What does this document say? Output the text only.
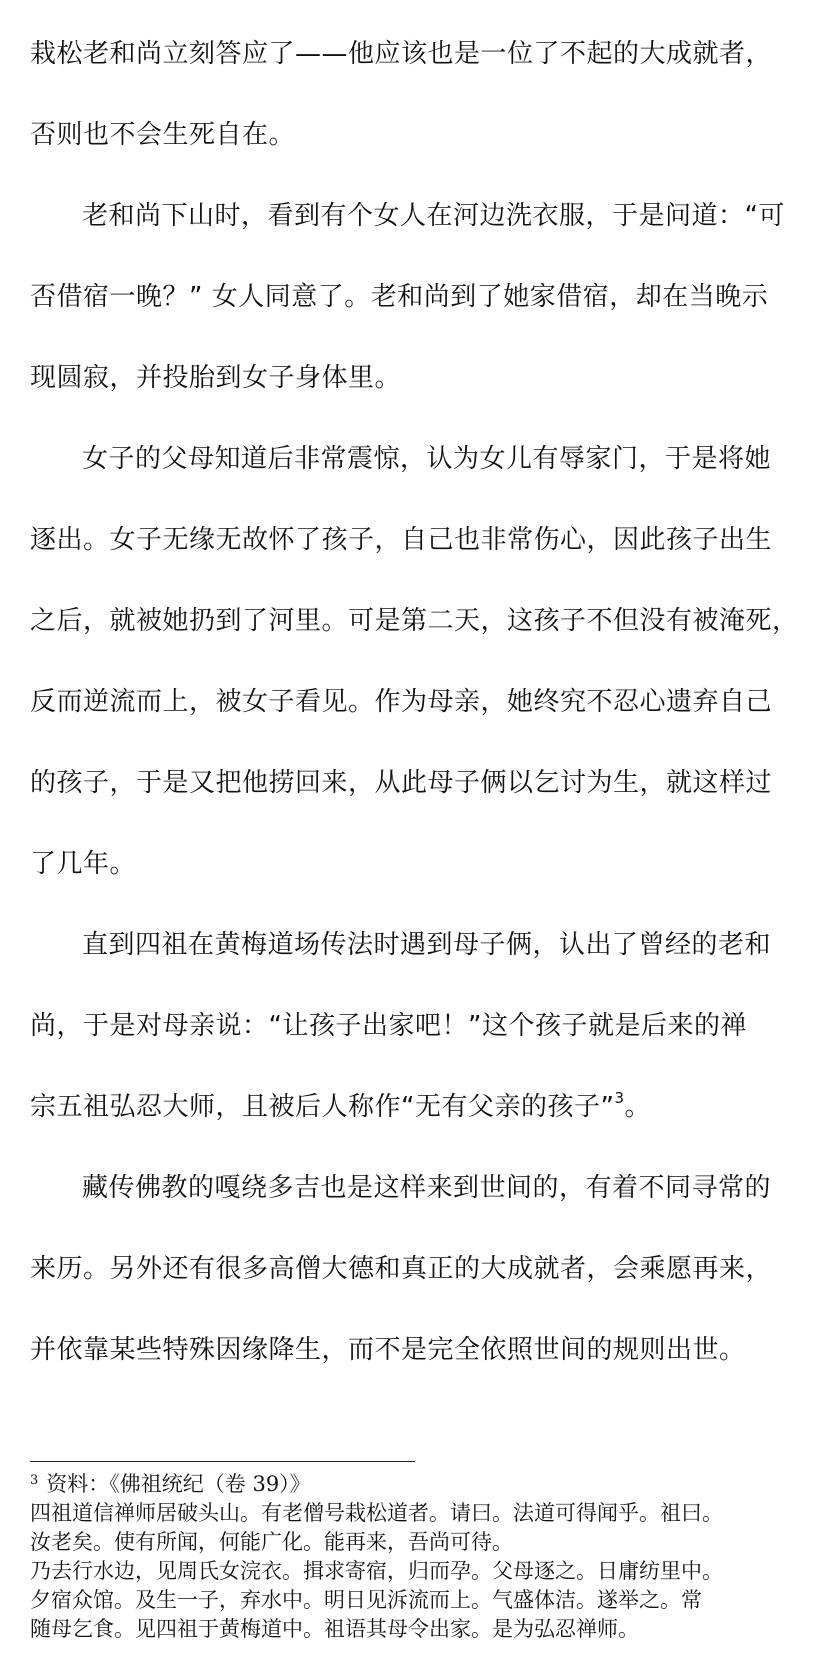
栽松老和尚立刻答应了——他应该也是一位了不起的大成就者，
否则也不会生死自在。
老和尚下山时，看到有个女人在河边洗衣服，于是问道：“可
否借宿一晚？” 女人同意了。老和尚到了她家借宿，却在当晚示
现圆寂，并投胎到女子身体里。
女子的父母知道后非常震惊，认为女儿有辱家门，于是将她
逐出。女子无缘无故怀了孩子，自己也非常伤心，因此孩子出生
之后，就被她扔到了河里。可是第二天，这孩子不但没有被淹死，
反而逆流而上，被女子看见。作为母亲，她终究不忍心遗弃自己
的孩子，于是又把他捞回来，从此母子俩以乞讨为生，就这样过
了几年。
直到四祖在黄梅道场传法时遇到母子俩，认出了曾经的老和
尚，于是对母亲说：“让孩子出家吧！”这个孩子就是后来的禅
宗五祖弘忍大师，且被后人称作“无有父亲的孩子”$^3$。
藏传佛教的嘎绕多吉也是这样来到世间的，有着不同寻常的
来历。另外还有很多高僧大德和真正的大成就者，会乘愿再来，
并依靠某些特殊因缘降生，而不是完全依照世间的规则出世。
$^3$ 资料：《佛祖统纪（卷 39）》
四祖道信禅师居破头山。有老僧号栽松道者。请曰。法道可得闻乎。祖曰。
汝老矣。使有所闻，何能广化。能再来，吾尚可待。
乃去行水边，见周氏女浣衣。揖求寄宿，归而孕。父母逐之。日庸纺里中。
夕宿众馆。及生一子，弃水中。明日见泝流而上。气盛体洁。遂举之。常
随母乞食。见四祖于黄梅道中。祖语其母令出家。是为弘忍禅师。
